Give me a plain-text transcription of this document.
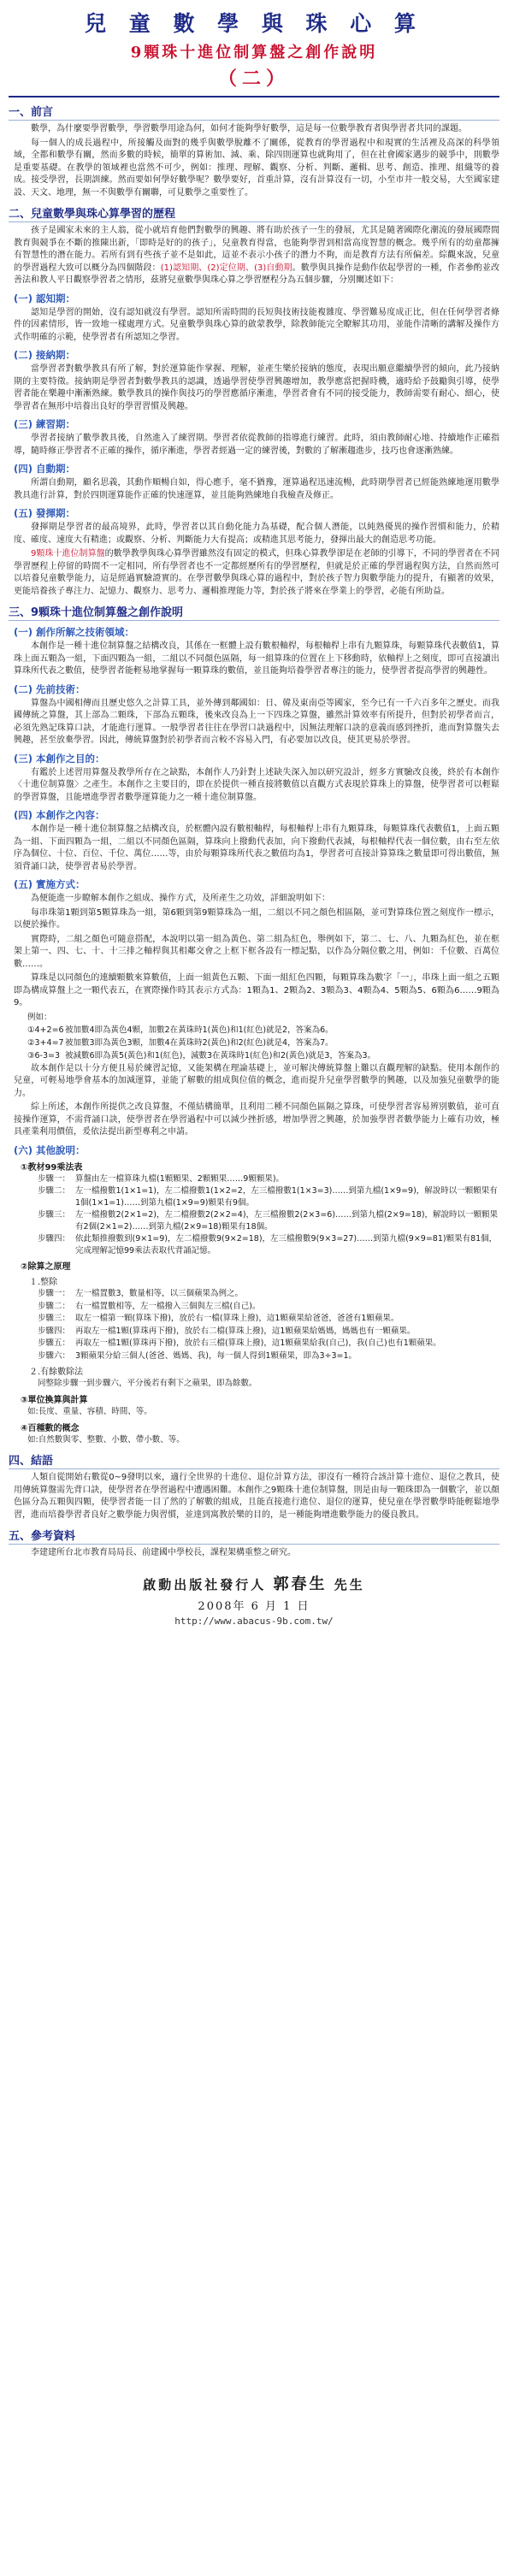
兒 童 數 學 與 珠 心 算
9顆珠十進位制算盤之創作說明
（二）
一、前言

數學，為什麼要學習數學，學習數學用途為何，如何才能夠學好數學，這是每一位數學教育者與學習者共同的課題。

每一個人的成長過程中，所接觸及面對的幾乎與數學脫離不了關係，從教育的學習過程中和現實的生活裡及高深的科學領域，全都和數學有關，然而多數的時候，簡單的算術加、減、乘、除四則運算也就夠用了，但在社會國家邁步的競爭中，則數學是重要基礎。在教學的領域裡也當然不可少，例如：推理、理解、觀察、分析、判斷、邏輯、思考、創造、推理、組織等的養成。接受學習，長期訓練。然而要如何學好數學呢？數學要好，首重計算，沒有計算沒有一切，小至市井一般交易，大至國家建設、天文、地理，無一不與數學有關聯，可見數學之重要性了。

二、兒童數學與珠心算學習的歷程

孩子是國家未來的主人翁，從小就培育他們對數學的興趣、將有助於孩子一生的發展，尤其是隨著國際化潮流的發展國際間教育與競爭在不斷的推陳出新，「即時是好的的孩子」，兒童教育得當，也能夠學習到相當高度智慧的概念。幾乎所有的幼童都擁有智慧性的潛在能力。若所有到有些孩子並不是如此，這並不表示小孩子的潛力不夠，而是教育方法有所偏差。綜觀來說，兒童的學習過程大致可以概分為四個階段：(1)認知期、(2)定位期、(3)自動期。數學與具操作是動作依起學習的一種，作者參酌並改善法和教人平日觀察學習者之情形，茲將兒童數學與珠心算之學習歷程分為五個步驟，分別闡述如下：

(一) 認知期：

認知是學習的開始，沒有認知就沒有學習。認知所需時間的長短與技術技能複雜度、學習難易度成正比，但在任何學習者條件的因素情形，皆一致地一樣處理方式。兒童數學與珠心算的啟蒙教學，除教師能完全瞭解其功用，並能作清晰的講解及操作方式作明確的示範，使學習者有所認知之學習。

(二) 接納期：

當學習者對數學教具有所了解，對於運算能作掌握、理解，並產生樂於接納的態度，表現出願意繼續學習的傾向，此乃接納期的主要特徵。接納期是學習者對數學教具的認識，透過學習使學習興趣增加，教學應當把握時機，適時給予鼓勵與引導，使學習者能在樂趣中漸漸熟練。數學教具的操作與技巧的學習應循序漸進，學習者會有不同的接受能力，教師需要有耐心、細心，使學習者在無形中培養出良好的學習習慣及興趣。

(三) 練習期：

學習者接納了數學教具後，自然進入了練習期。學習者依從教師的指導進行練習。此時，須由教師耐心地、持續地作正確指導，隨時修正學習者不正確的操作，循序漸進，學習者經過一定的練習後，對數的了解漸趨進步，技巧也會逐漸熟練。

(四) 自動期：

所謂自動期，顧名思義，其動作順暢自如，得心應手，毫不猶豫，運算過程迅速流暢，此時期學習者已經能熟練地運用數學教具進行計算，對於四則運算能作正確的快速運算，並且能夠熟練地自我檢查及修正。

(五) 發揮期：

發揮期是學習者的最高境界，此時，學習者以其自動化能力為基礎，配合個人潛能，以純熟優異的操作習慣和能力，於精度、確度、速度大有精進；或觀察、分析、判斷能力大有提高；或精進其思考能力，發揮出最大的創造思考功能。

9顆珠十進位制算盤的數學教學與珠心算學習雖然沒有固定的模式，但珠心算教學卻是在老師的引導下，不同的學習者在不同學習歷程上停留的時間不一定相同，所有學習者也不一定都經歷所有的學習歷程，但就是於正確的學習過程與方法，自然而然可以培養兒童數學能力，這是經過實驗證實的。在學習數學與珠心算的過程中，對於孩子智力與數學能力的提升，有顯著的效果，更能培養孩子專注力、記憶力、觀察力、思考力、邏輯推理能力等，對於孩子將來在學業上的學習，必能有所助益。

三、9顆珠十進位制算盤之創作說明
(一) 創作所解之技術領域：

本創作是一種十進位制算盤之結構改良，其係在一框體上設有數根軸桿，每根軸桿上串有九顆算珠，每顆算珠代表數值1，算珠上面五顆為一組，下面四顆為一組，二組以不同顏色區隔，每一組算珠的位置在上下移動時，依軸桿上之刻度，即可直接讀出算珠所代表之數值，使學習者能輕易地掌握每一顆算珠的數值，並且能夠培養學習者專注的能力，使學習者提高學習的興趣性。

(二) 先前技術：

算盤為中國相傳而且歷史悠久之計算工具，並外傳到鄰國如：日、韓及東南亞等國家，至今已有一千六百多年之歷史。而我國傳統之算盤，其上部為二顆珠，下部為五顆珠，後來改良為上一下四珠之算盤，雖然計算效率有所提升，但對於初學者而言，必須先熟記珠算口訣，才能進行運算。一般學習者往往在學習口訣過程中，因無法理解口訣的意義而感到挫折，進而對算盤失去興趣，甚至放棄學習。因此，傳統算盤對於初學者而言較不容易入門，有必要加以改良，使其更易於學習。

(三) 本創作之目的：

有鑑於上述習用算盤及教學所存在之缺點，本創作人乃針對上述缺失深入加以研究設計，經多方實驗改良後，終於有本創作〈十進位制算盤〉之產生。本創作之主要目的，即在於提供一種直接將數值以直觀方式表現於算珠上的算盤，使學習者可以輕鬆的學習算盤，且能增進學習者數學運算能力之一種十進位制算盤。

(四) 本創作之內容：

本創作是一種十進位制算盤之結構改良，於框體內設有數根軸桿，每根軸桿上串有九顆算珠，每顆算珠代表數值1，上面五顆為一組、下面四顆為一組，二組以不同顏色區隔，算珠向上撥動代表加，向下撥動代表減，每根軸桿代表一個位數，由右至左依序為個位、十位、百位、千位、萬位……等，由於每顆算珠所代表之數值均為1，學習者可直接計算算珠之數量即可得出數值，無須背誦口訣，使學習者易於學習。

(五) 實施方式：

為便能進一步瞭解本創作之組成、操作方式，及所產生之功效，詳細說明如下：

每串珠第1顆到第5顆算珠為一組，第6顆到第9顆算珠為一組，二組以不同之顏色相區隔，並可對算珠位置之刻度作一標示，以便於操作。

實際時，二組之顏色可隨意搭配，本說明以第一組為黃色、第二組為紅色，舉例如下，第二、七、八、九顆為紅色，並在框架上第一、四、七、十、十三排之軸桿與其相鄰交會之上框下框各設有一標記點，以作為分隔位數之用，例如：千位數、百萬位數……。

算珠是以同顏色的連續顆數來算數值，上面一組黃色五顆、下面一組紅色四顆，每顆算珠為數字「一」，串珠上面一組之五顆即為構成算盤上之一顆代表五，在實際操作時其表示方式為：1顆為1、2顆為2、3顆為3、4顆為4、5顆為5、6顆為6……9顆為9。

例如：
①4+2=6 被加數4即為黃色4顆，加數2在黃珠時1(黃色)和1(紅色)就是2，答案為6。
②3+4=7 被加數3即為黃色3顆，加數4在黃珠時2(黃色)和2(紅色)就是4，答案為7。
③6-3=3 被減數6即為黃5(黃色)和1(紅色)，減數3在黃珠時1(紅色)和2(黃色)就是3，答案為3。

故本創作是以十分方便且易於練習記憶，又能架構在理論基礎上，並可解決傳統算盤上難以直觀理解的缺點。使用本創作的兒童，可輕易地學會基本的加減運算，並能了解數的組成與位值的概念，進而提升兒童學習數學的興趣，以及加強兒童數學的能力。

綜上所述，本創作所提供之改良算盤，不僅結構簡單，且利用二種不同顏色區隔之算珠，可使學習者容易辨別數值，並可直接操作運算，不需背誦口訣，使學習者在學習過程中可以減少挫折感，增加學習之興趣，於加強學習者數學能力上確有功效，極具產業利用價值，爰依法提出新型專利之申請。

(六) 其他說明：
①教材99乘法表
步驟一： 算盤由左一檔算珠九檔(1顆顆果、2顆顆果……9顆顆果)。
步驟二： 左一檔撥數1(1×1=1)，左二檔撥數1(1×2=2，左三檔撥數1(1×3=3)……到第九檔(1×9=9)，解說時以一顆顆果有1個(1×1=1)……到第九檔(1×9=9)顆果有9個。
步驟三： 左一檔撥數2(2×1=2)，左二檔撥數2(2×2=4)，左三檔撥數2(2×3=6)……到第九檔(2×9=18)，解說時以一顆顆果有2個(2×1=2)……到第九檔(2×9=18)顆果有18個。
步驟四： 依此類推撥數到(9×1=9)，左二檔撥數9(9×2=18)，左三檔撥數9(9×3=27)……到第九檔(9×9=81)顆果有81個，完成理解記憶99乘法表取代背誦記憶。
②除算之原理
１.整除
步驟一： 左一檔置數3，數量相等，以三個蘋果為例之。
步驟二： 右一檔置數相等，左一檔撥入三個與左三檔(自己)。
步驟三： 取左一檔第一顆(算珠下撥)，放於右一檔(算珠上撥)，這1顆蘋果給爸爸，爸爸有1顆蘋果。
步驟四： 再取左一檔1顆(算珠再下撥)，放於右二檔(算珠上撥)，這1顆蘋果給媽媽，媽媽也有一顆蘋果。
步驟五： 再取左一檔1顆(算珠再下撥)，放於右三檔(算珠上撥)，這1顆蘋果給我(自己)，我(自己)也有1顆蘋果。
步驟六： 3顆蘋果分給三個人(爸爸、媽媽、我)，每一個人得到1顆蘋果，即為3÷3=1。
２.有餘數除法
同整除步驟一到步驟六，平分後若有剩下之蘋果，即為餘數。
③單位換算與計算
如:長度、重量、容積、時間、等。
④百種數的概念
如:自然數與零、整數、小數、帶小數、等。
四、結語

人類自從開始右數從0~9發明以來，適行全世界的十進位、退位計算方法，卻沒有一種符合該計算十進位、退位之教具，使用傳統算盤需先背口訣，使學習者在學習過程中遭遇困難。本創作之9顆珠十進位制算盤，則是由每一顆珠即為一個數字，並以顏色區分為五顆與四顆，使學習者能一目了然的了解數的組成，且能直接進行進位、退位的運算，使兒童在學習數學時能輕鬆地學習，進而培養學習者良好之數學能力與習慣，並達到寓教於樂的目的，是一種能夠增進數學能力的優良教具。

五、參考資料

李建建所台北市教育局局長、前建國中學校長，課程架構重整之研究。

啟動出版社發行人 郭春生 先生
2008年 6 月 1 日
http://www.abacus-9b.com.tw/
